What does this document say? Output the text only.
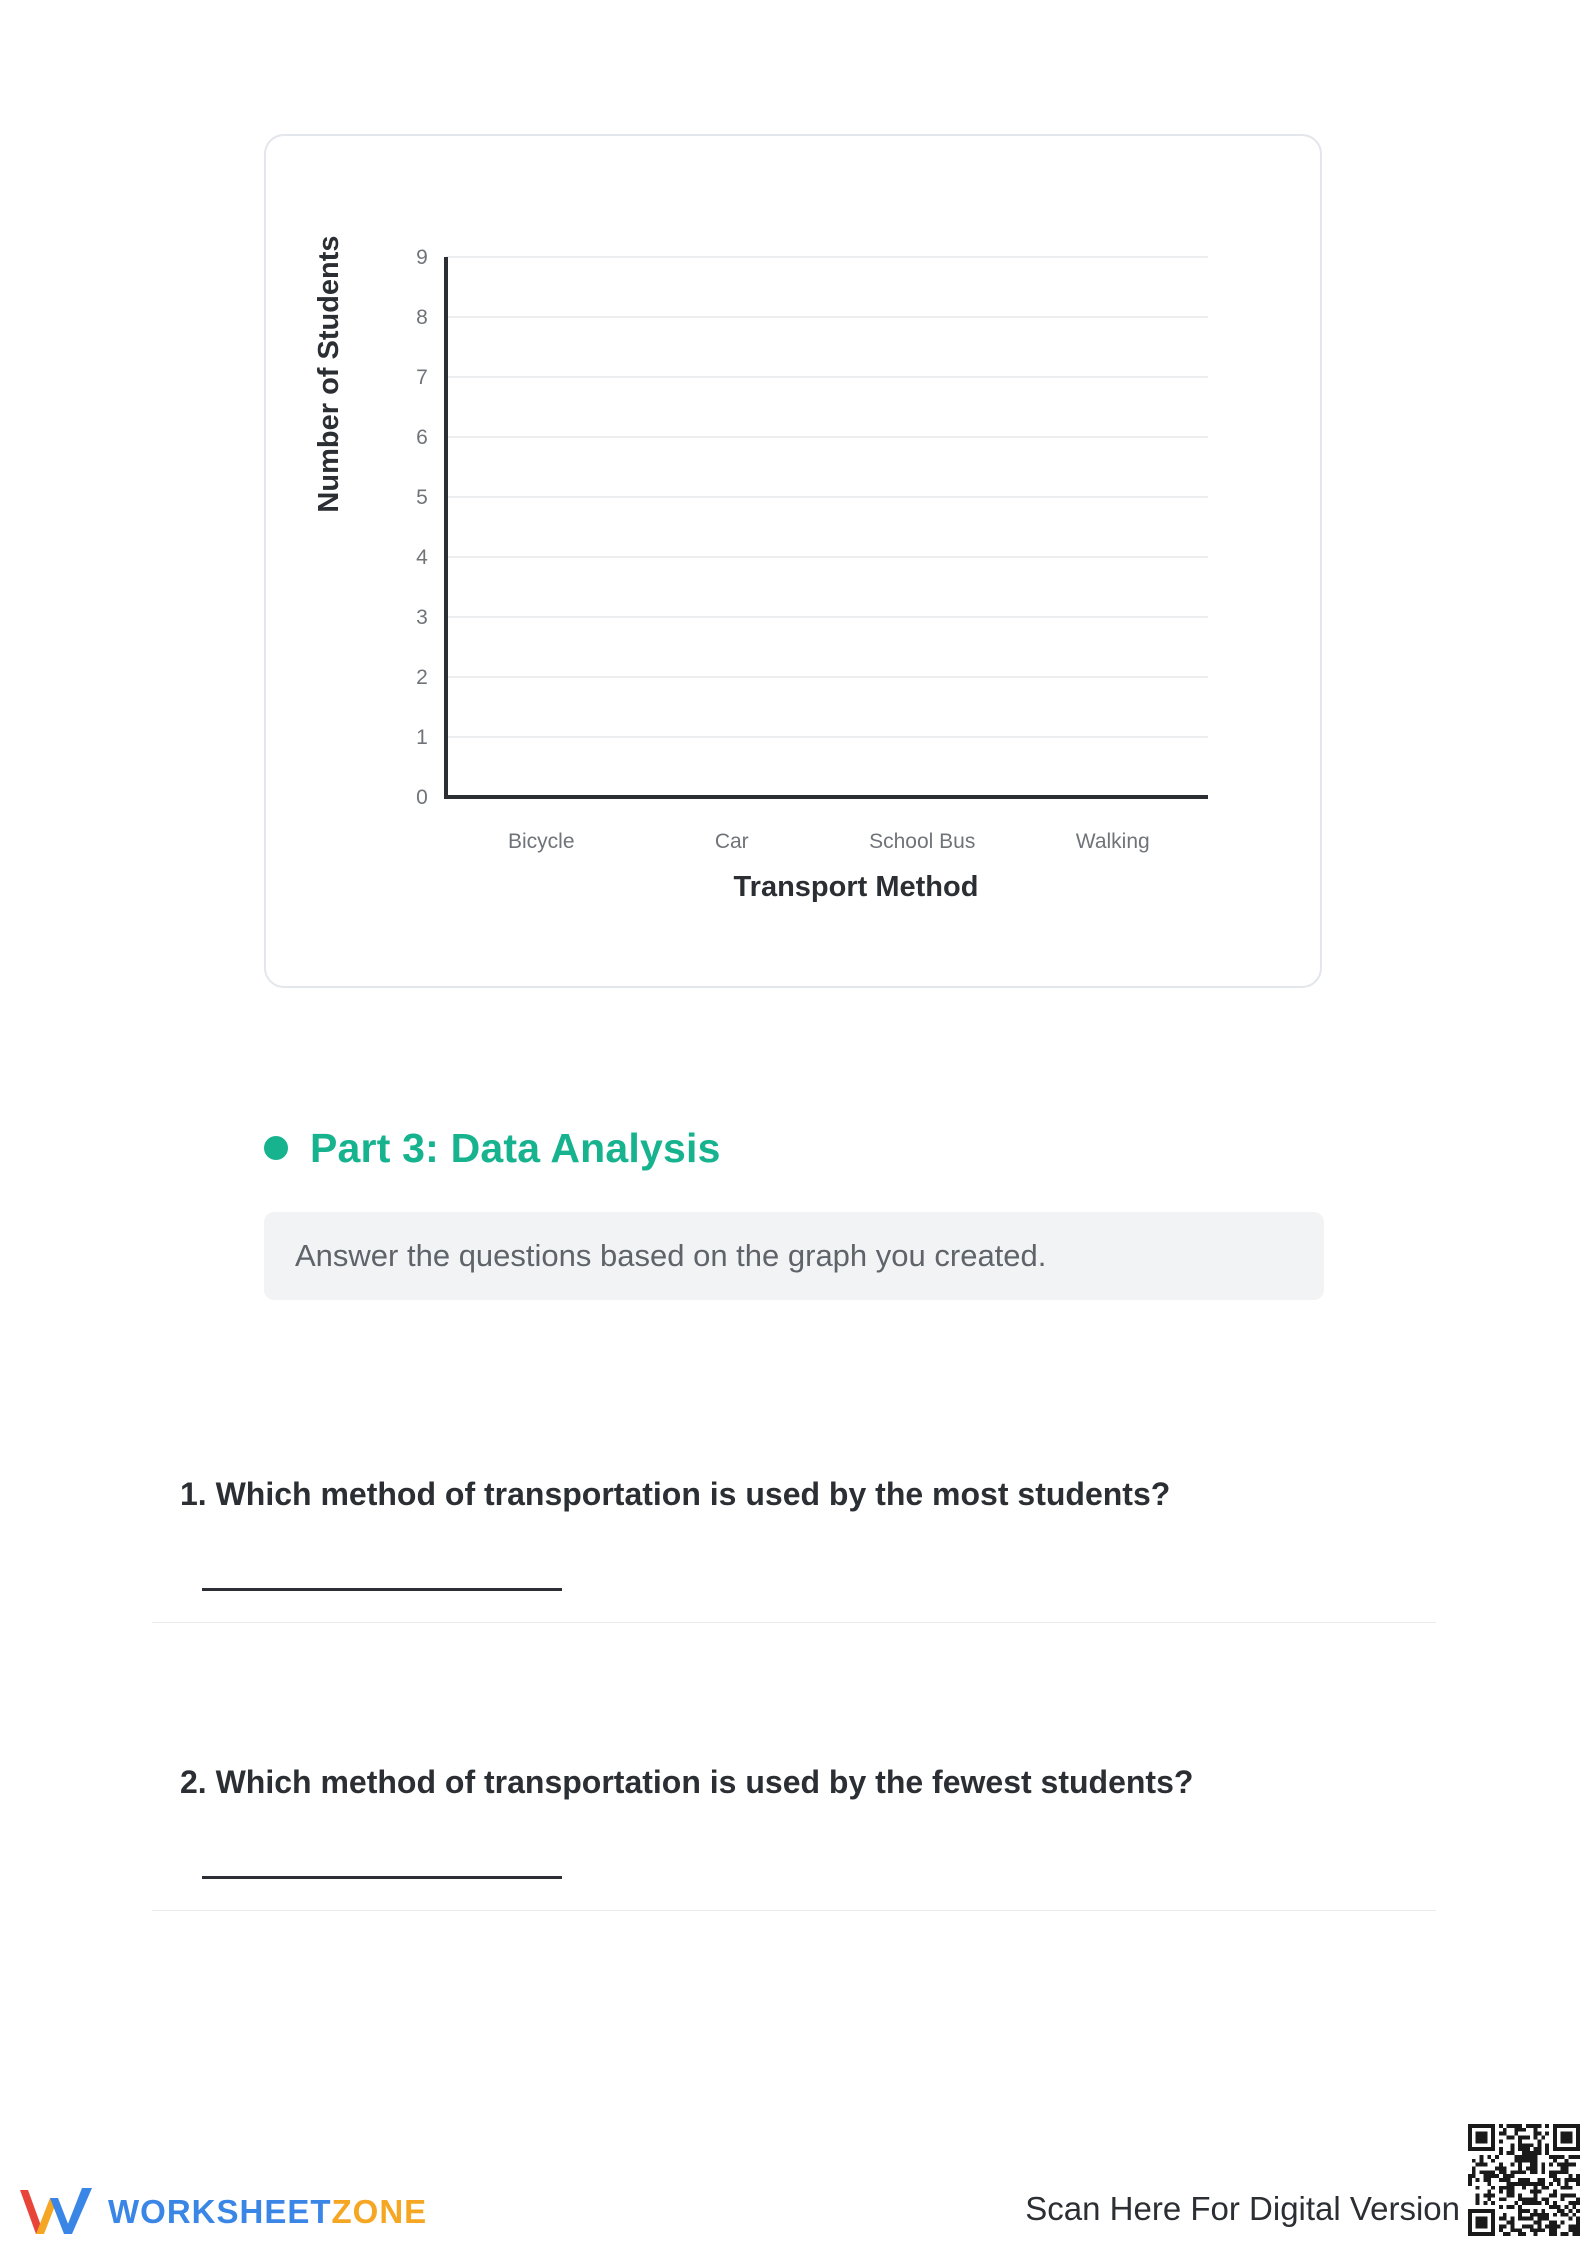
0
1
2
3
4
5
6
7
8
9
Bicycle	Car	School Bus	Walking
Transport Method
Number of Students
Part 3: Data Analysis
Answer the questions based on the graph you created.
1. Which method of transportation is used by the most students?
2. Which method of transportation is used by the fewest students?
WORKSHEETZONE	Scan Here For Digital Version
